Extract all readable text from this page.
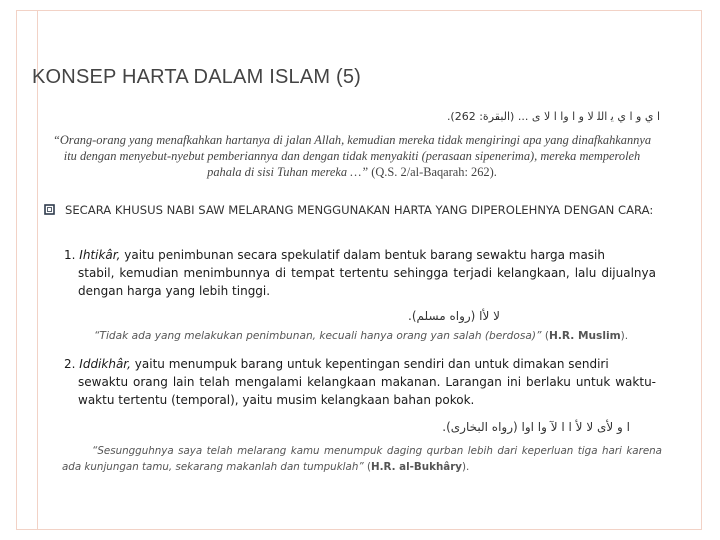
KONSEP HARTA DALAM ISLAM (5)
ا ي و ا ي ﻳ ﺍﻟﻠ لا و ا وا ا لا ى ... (البقرة: 262).
“Orang-orang yang menafkahkan hartanya di jalan Allah, kemudian mereka tidak mengiringi apa yang dinafkahkannya itu dengan menyebut-nyebut pemberiannya dan dengan tidak menyakiti (perasaan sipenerima), mereka memperoleh pahala di sisi Tuhan mereka …” (Q.S. 2/al-Baqarah: 262).
SECARA KHUSUS NABI SAW MELARANG MENGGUNAKAN HARTA YANG DIPEROLEHNYA DENGAN CARA:
1. Ihtikâr, yaitu penimbunan secara spekulatif dalam bentuk barang sewaktu harga masih
stabil, kemudian menimbunnya di tempat tertentu sehingga terjadi kelangkaan, lalu dijualnya dengan harga yang lebih tinggi.
لا لأا (رواه مسلم).
“Tidak ada yang melakukan penimbunan, kecuali hanya orang yan salah (berdosa)” (H.R. Muslim).
2. Iddikhâr, yaitu menumpuk barang untuk kepentingan sendiri dan untuk dimakan sendiri
sewaktu orang lain telah mengalami kelangkaan makanan. Larangan ini berlaku untuk waktu-waktu tertentu (temporal), yaitu musim kelangkaan bahan pokok.
ا و لأى لا لأ ا ا لآ وا اوا (رواه البخارى).
“Sesungguhnya saya telah melarang kamu menumpuk daging qurban lebih dari keperluan tiga hari karena ada kunjungan tamu, sekarang makanlah dan tumpuklah” (H.R. al-Bukhâry).
